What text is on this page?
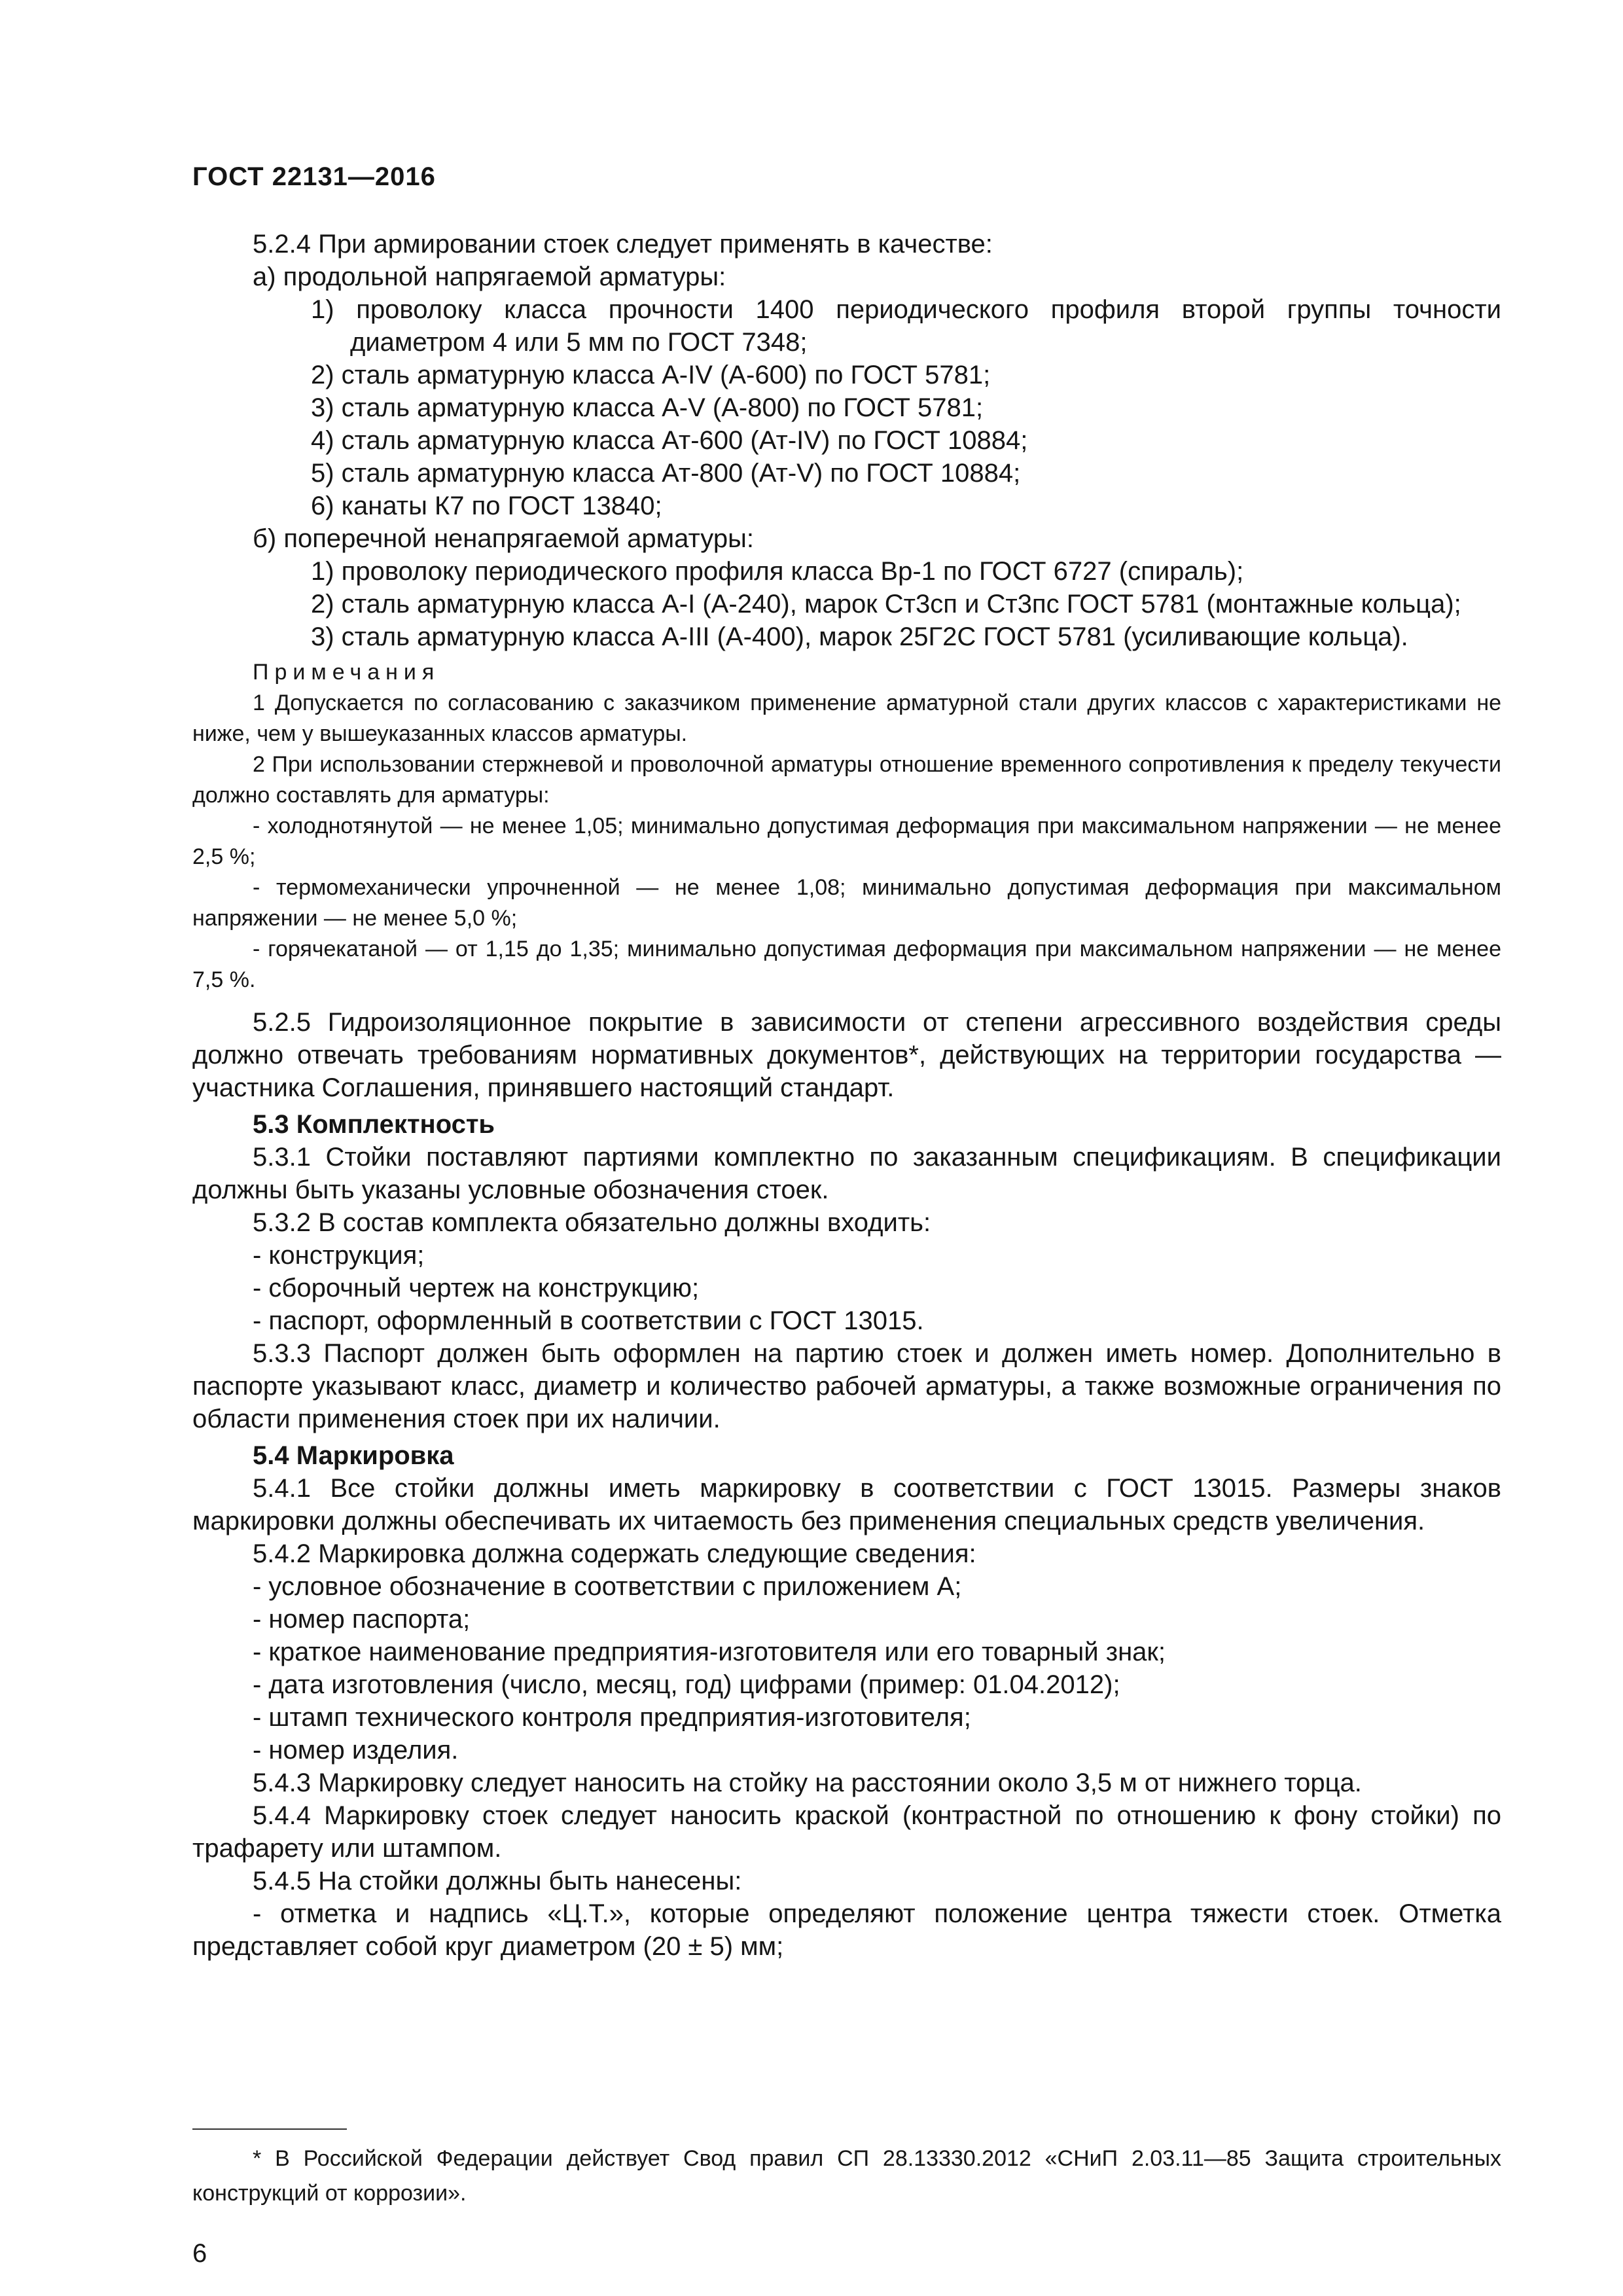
ГОСТ 22131—2016
5.2.4 При армировании стоек следует применять в качестве:
а) продольной напрягаемой арматуры:
1) проволоку класса прочности 1400 периодического профиля второй группы точности диаметром 4 или 5 мм по ГОСТ 7348;
2) сталь арматурную класса A-IV (А-600) по ГОСТ 5781;
3) сталь арматурную класса A-V (А-800) по ГОСТ 5781;
4) сталь арматурную класса Ат-600 (Ат-IV) по ГОСТ 10884;
5) сталь арматурную класса Ат-800 (Ат-V) по ГОСТ 10884;
6) канаты К7 по ГОСТ 13840;
б) поперечной ненапрягаемой арматуры:
1) проволоку периодического профиля класса Вр-1 по ГОСТ 6727 (спираль);
2) сталь арматурную класса А-I (А-240), марок Ст3сп и Ст3пс ГОСТ 5781 (монтажные кольца);
3) сталь арматурную класса А-III (А-400), марок 25Г2С ГОСТ 5781 (усиливающие кольца).
Примечания
1 Допускается по согласованию с заказчиком применение арматурной стали других классов с характеристиками не ниже, чем у вышеуказанных классов арматуры.
2 При использовании стержневой и проволочной арматуры отношение временного сопротивления к пределу текучести должно составлять для арматуры:
- холоднотянутой — не менее 1,05; минимально допустимая деформация при максимальном напряжении — не менее 2,5 %;
- термомеханически упрочненной — не менее 1,08; минимально допустимая деформация при максимальном напряжении — не менее 5,0 %;
- горячекатаной — от 1,15 до 1,35; минимально допустимая деформация при максимальном напряжении — не менее 7,5 %.
5.2.5 Гидроизоляционное покрытие в зависимости от степени агрессивного воздействия среды должно отвечать требованиям нормативных документов*, действующих на территории государства — участника Соглашения, принявшего настоящий стандарт.
5.3 Комплектность
5.3.1 Стойки поставляют партиями комплектно по заказанным спецификациям. В спецификации должны быть указаны условные обозначения стоек.
5.3.2 В состав комплекта обязательно должны входить:
- конструкция;
- сборочный чертеж на конструкцию;
- паспорт, оформленный в соответствии с ГОСТ 13015.
5.3.3 Паспорт должен быть оформлен на партию стоек и должен иметь номер. Дополнительно в паспорте указывают класс, диаметр и количество рабочей арматуры, а также возможные ограничения по области применения стоек при их наличии.
5.4 Маркировка
5.4.1 Все стойки должны иметь маркировку в соответствии с ГОСТ 13015. Размеры знаков маркировки должны обеспечивать их читаемость без применения специальных средств увеличения.
5.4.2 Маркировка должна содержать следующие сведения:
- условное обозначение в соответствии с приложением А;
- номер паспорта;
- краткое наименование предприятия-изготовителя или его товарный знак;
- дата изготовления (число, месяц, год) цифрами (пример: 01.04.2012);
- штамп технического контроля предприятия-изготовителя;
- номер изделия.
5.4.3 Маркировку следует наносить на стойку на расстоянии около 3,5 м от нижнего торца.
5.4.4 Маркировку стоек следует наносить краской (контрастной по отношению к фону стойки) по трафарету или штампом.
5.4.5 На стойки должны быть нанесены:
- отметка и надпись «Ц.Т.», которые определяют положение центра тяжести стоек. Отметка представляет собой круг диаметром (20 ± 5) мм;
* В Российской Федерации действует Свод правил СП 28.13330.2012 «СНиП 2.03.11—85 Защита строительных конструкций от коррозии».
6
